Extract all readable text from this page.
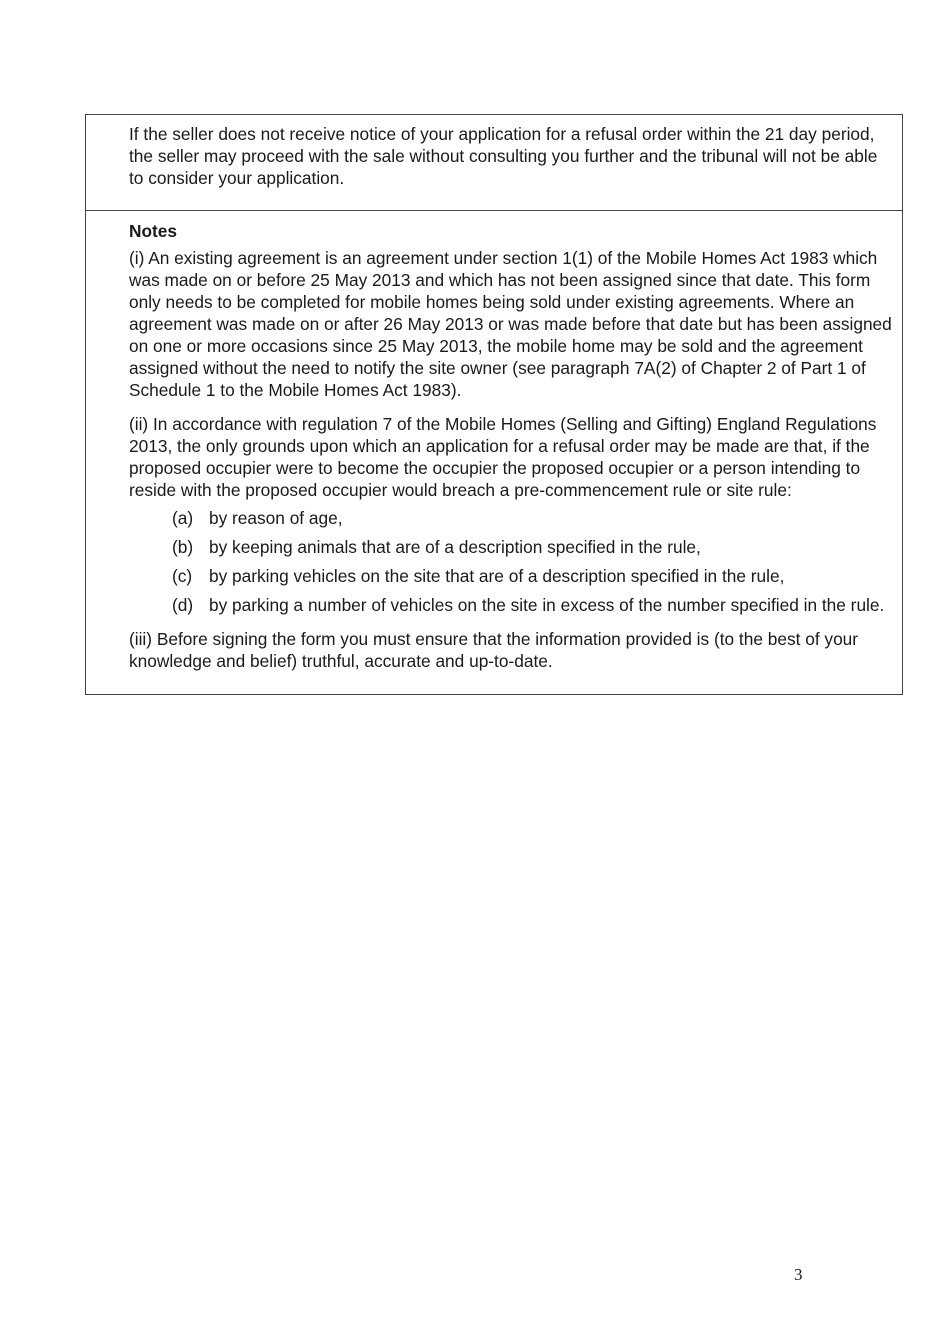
If the seller does not receive notice of your application for a refusal order within the 21 day period, the seller may proceed with the sale without consulting you further and the tribunal will not be able to consider your application.

Notes

(i) An existing agreement is an agreement under section 1(1) of the Mobile Homes Act 1983 which was made on or before 25 May 2013 and which has not been assigned since that date. This form only needs to be completed for mobile homes being sold under existing agreements. Where an agreement was made on or after 26 May 2013 or was made before that date but has been assigned on one or more occasions since 25 May 2013, the mobile home may be sold and the agreement assigned without the need to notify the site owner (see paragraph 7A(2) of Chapter 2 of Part 1 of Schedule 1 to the Mobile Homes Act 1983).

(ii) In accordance with regulation 7 of the Mobile Homes (Selling and Gifting) England Regulations 2013, the only grounds upon which an application for a refusal order may be made are that, if the proposed occupier were to become the occupier the proposed occupier or a person intending to reside with the proposed occupier would breach a pre-commencement rule or site rule:

(a) by reason of age,
(b) by keeping animals that are of a description specified in the rule,
(c) by parking vehicles on the site that are of a description specified in the rule,
(d) by parking a number of vehicles on the site in excess of the number specified in the rule.

(iii) Before signing the form you must ensure that the information provided is (to the best of your knowledge and belief) truthful, accurate and up-to-date.

3
